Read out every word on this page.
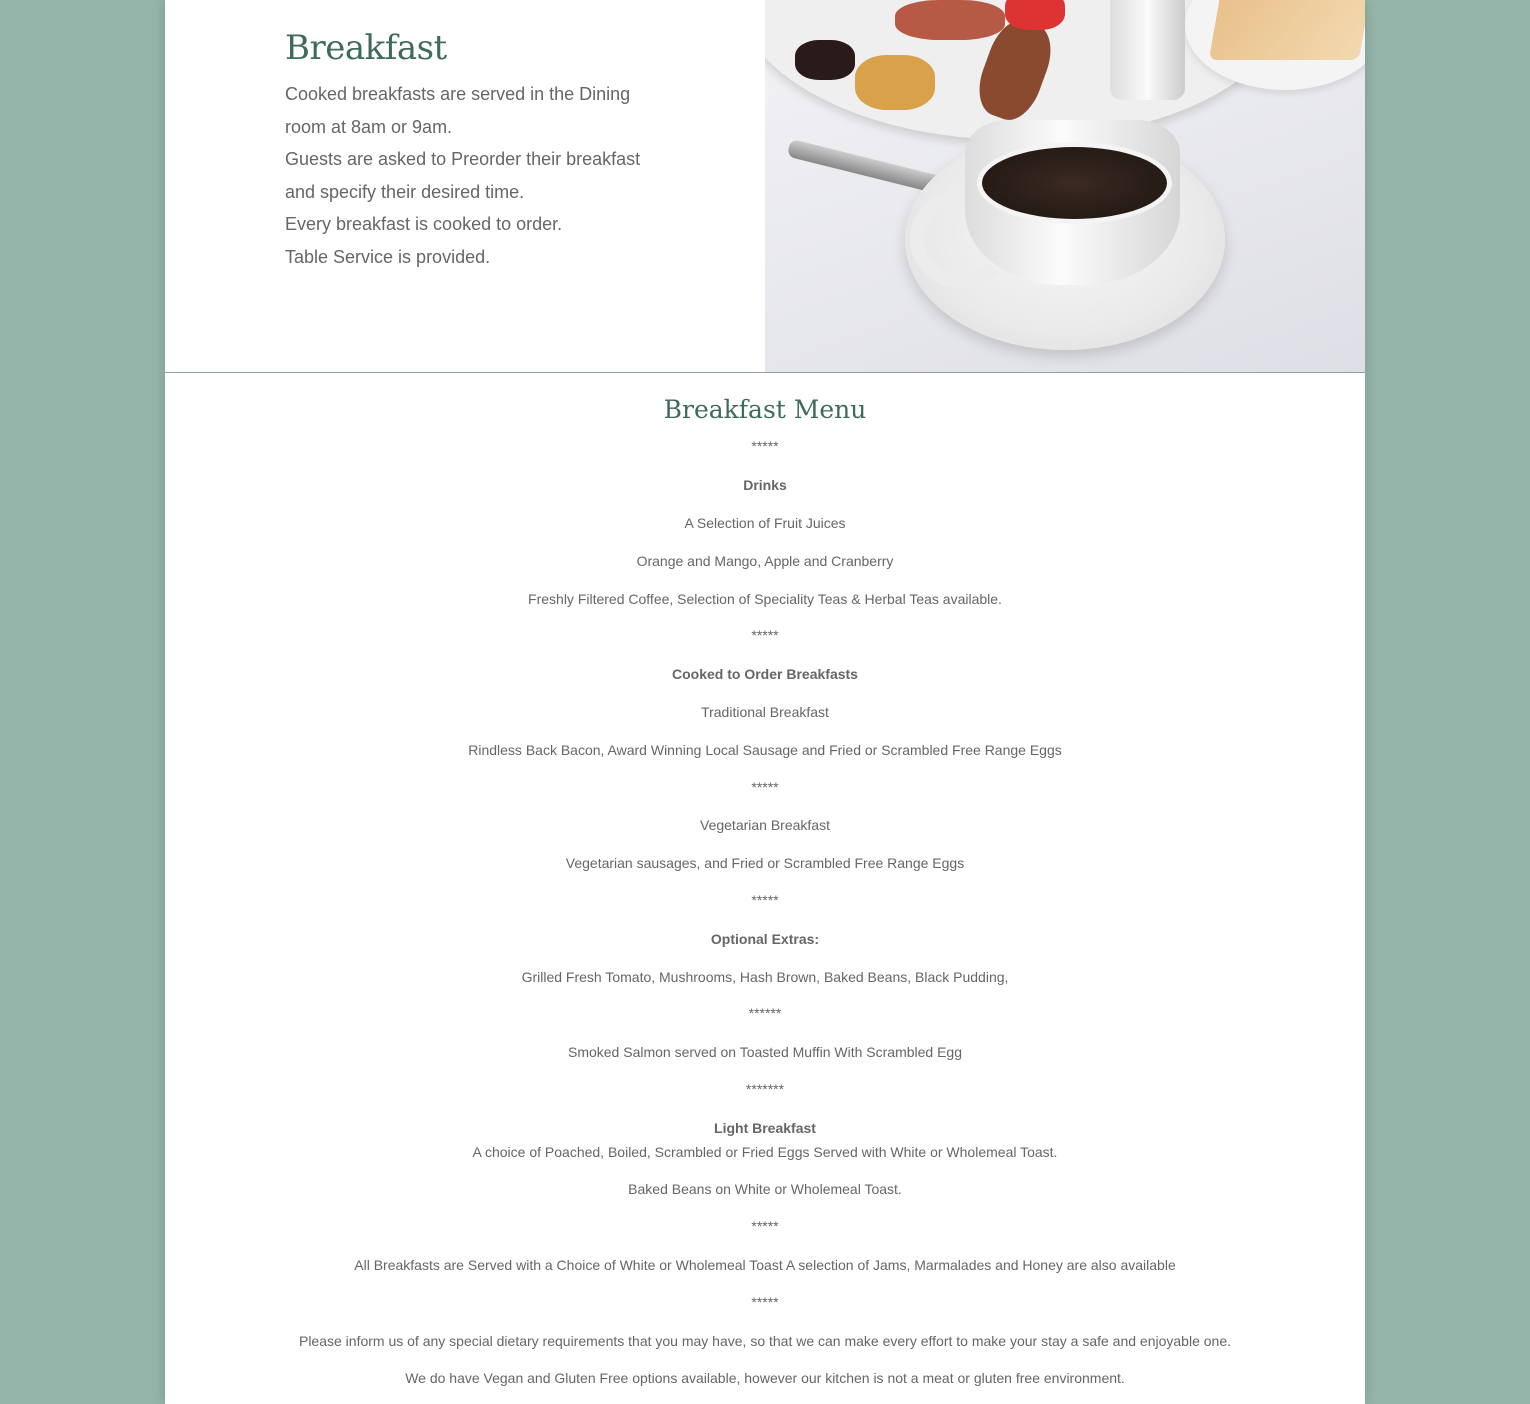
Breakfast

Cooked breakfasts are served in the Dining room at 8am or 9am.

Guests are asked to Preorder their breakfast and specify their desired time.

Every breakfast is cooked to order.

Table Service is provided.

Breakfast Menu
*****
Drinks
A Selection of Fruit Juices
Orange and Mango, Apple and Cranberry
Freshly Filtered Coffee, Selection of Speciality Teas & Herbal Teas available.
*****
Cooked to Order Breakfasts
Traditional Breakfast
Rindless Back Bacon, Award Winning Local Sausage and Fried or Scrambled Free Range Eggs
*****
Vegetarian Breakfast
Vegetarian sausages, and Fried or Scrambled Free Range Eggs
*****
Optional Extras:
Grilled Fresh Tomato, Mushrooms, Hash Brown, Baked Beans, Black Pudding,
******
Smoked Salmon served on Toasted Muffin With Scrambled Egg
*******
Light Breakfast
A choice of Poached, Boiled, Scrambled or Fried Eggs Served with White or Wholemeal Toast.
Baked Beans on White or Wholemeal Toast.
*****
All Breakfasts are Served with a Choice of White or Wholemeal Toast A selection of Jams, Marmalades and Honey are also available
*****
Please inform us of any special dietary requirements that you may have, so that we can make every effort to make your stay a safe and enjoyable one.
We do have Vegan and Gluten Free options available, however our kitchen is not a meat or gluten free environment.
